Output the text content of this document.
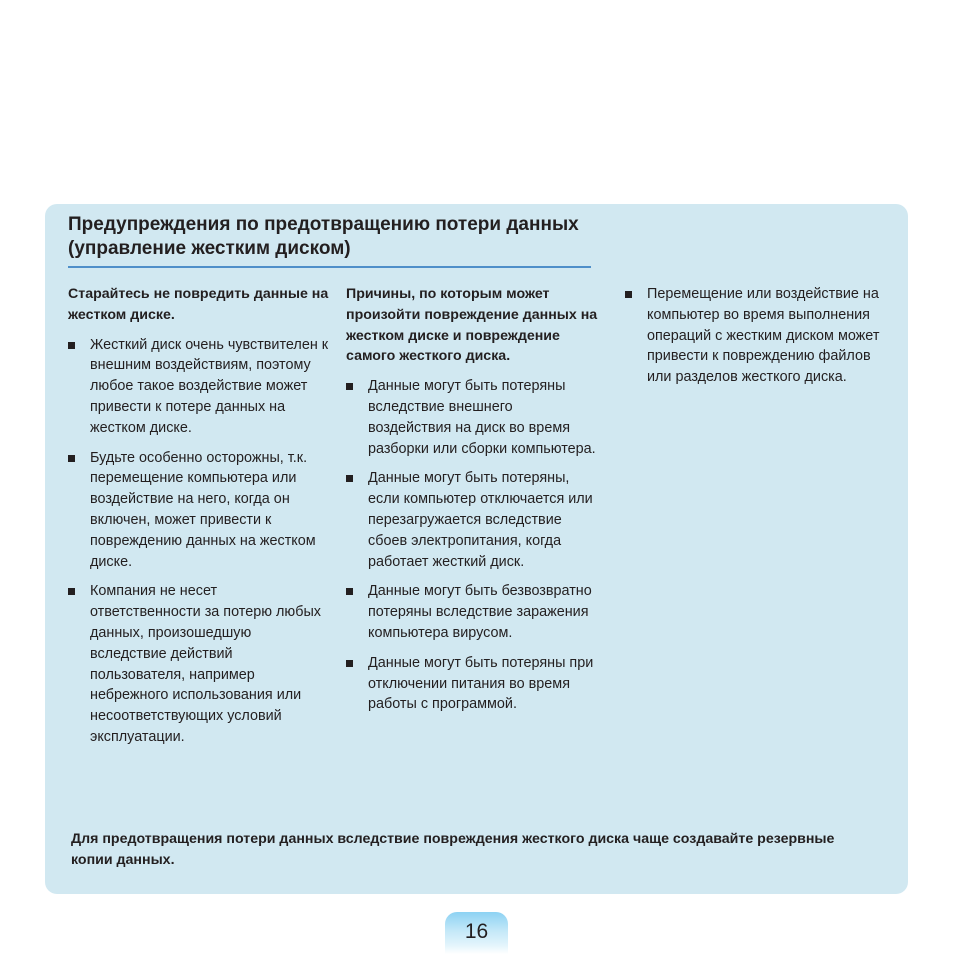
Предупреждения по предотвращению потери данных (управление жестким диском)

Старайтесь не повредить данные на жестком диске.

Жесткий диск очень чувствителен к внешним воздействиям, поэтому любое такое воздействие может привести к потере данных на жестком диске.
Будьте особенно осторожны, т.к. перемещение компьютера или воздействие на него, когда он включен, может привести к повреждению данных на жестком диске.
Компания не несет ответственности за потерю любых данных, произошедшую вследствие действий пользователя, например небрежного использования или несоответствующих условий эксплуатации.

Причины, по которым может произойти повреждение данных на жестком диске и повреждение самого жесткого диска.

Данные могут быть потеряны вследствие внешнего воздействия на диск во время разборки или сборки компьютера.
Данные могут быть потеряны, если компьютер отключается или перезагружается вследствие сбоев электропитания, когда работает жесткий диск.
Данные могут быть безвозвратно потеряны вследствие заражения компьютера вирусом.
Данные могут быть потеряны при отключении питания во время работы с программой.
Перемещение или воздействие на компьютер во время выполнения операций с жестким диском может привести к повреждению файлов или разделов жесткого диска.

Для предотвращения потери данных вследствие повреждения жесткого диска чаще создавайте резервные копии данных.

16
